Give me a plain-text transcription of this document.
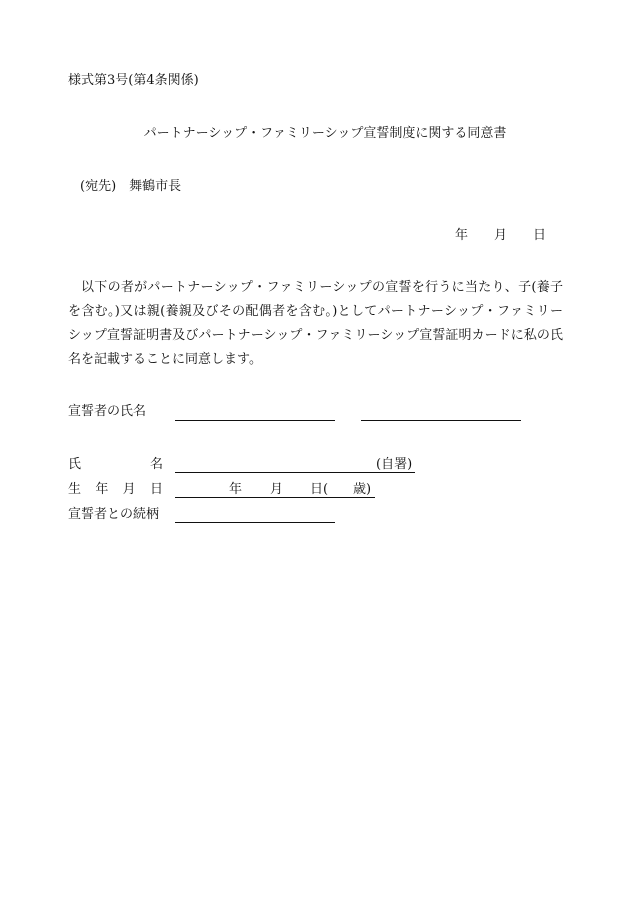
様式第3号(第4条関係)
パートナーシップ・ファミリーシップ宣誓制度に関する同意書
(宛先)　舞鶴市長
年 月 日

以下の者がパートナーシップ・ファミリーシップの宣誓を行うに当たり、子(養子を含む。)又は親(養親及びその配偶者を含む。)としてパートナーシップ・ファミリーシップ宣誓証明書及びパートナーシップ・ファミリーシップ宣誓証明カードに私の氏名を記載することに同意します。

宣誓者の氏名
氏	名	(自署)
生 年 月 日	年 月 日( 歳)
宣誓者との続柄
